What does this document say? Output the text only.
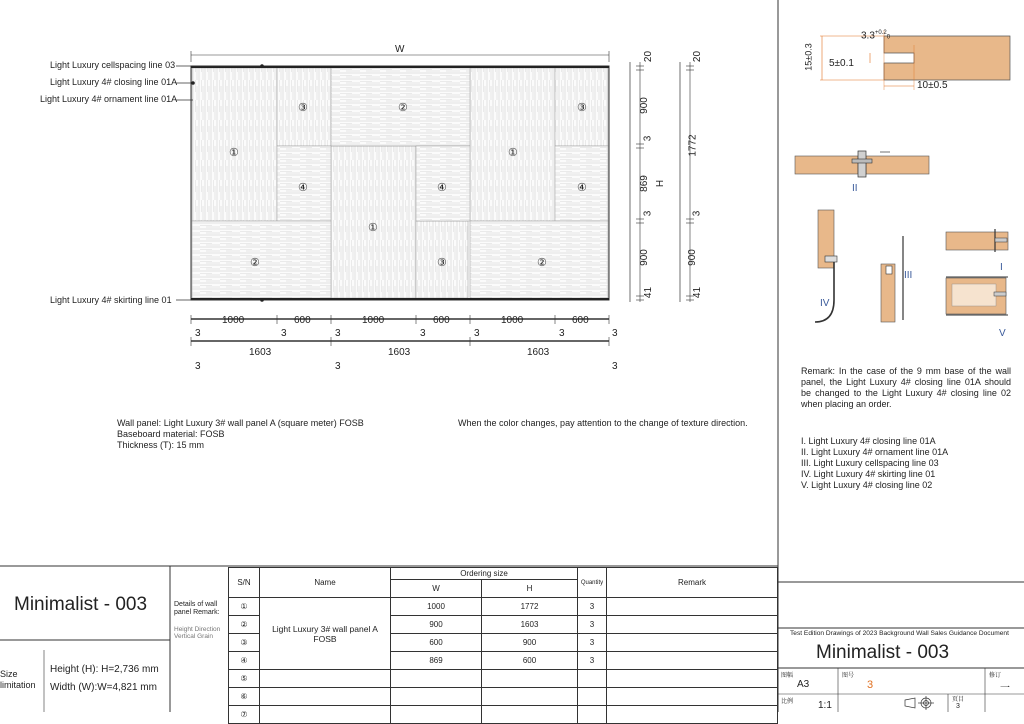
Light Luxury cellspacing line 03
Light Luxury 4# closing line 01A
Light Luxury 4# ornament line 01A
Light Luxury 4# skirting line 01
W
①
①
①
②
②	②
③	③
③
④	④	④
20
900
3
869 H
3
900
41
20
1772
3
900
41
1000	600	1000	600	1000	600
3	3	3	3	3	3	3
1603	1603	1603
3	3	3
Wall panel: Light Luxury 3# wall panel A (square meter) FOSB
Baseboard material: FOSB
Thickness (T): 15 mm
When the color changes, pay attention to the change of texture direction.
$3.3^{+0.2}0$
15±0.3 5±0.1
10±0.5
II
III
IV
I
V
Remark: In the case of the 9 mm base of the wall panel, the Light Luxury 4# closing line 01A should be changed to the Light Luxury 4# closing line 02 when placing an order.
I. Light Luxury 4# closing line 01A
II. Light Luxury 4# ornament line 01A
III. Light Luxury cellspacing line 03
IV. Light Luxury 4# skirting line 01
V. Light Luxury 4# closing line 02
Minimalist - 003
Size limitation
Height (H): H=2,736 mm
Width (W):W=4,821 mm
Details of wall panel Remark:
Height Direction Vertical Grain
S/N	Name	Ordering size		Quantity	Remark
		W	H		
①	Light Luxury 3# wall panel A FOSB	1000	1772	3	
②		900	1603	3	
③		600	900	3	
④		869	600	3	
⑤					
⑥					
⑦					
Test Edition Drawings of 2023 Background Wall Sales Guidance Document
Minimalist - 003
图幅
A3
图号
3
修订
一
比例 1:1	页目
3
